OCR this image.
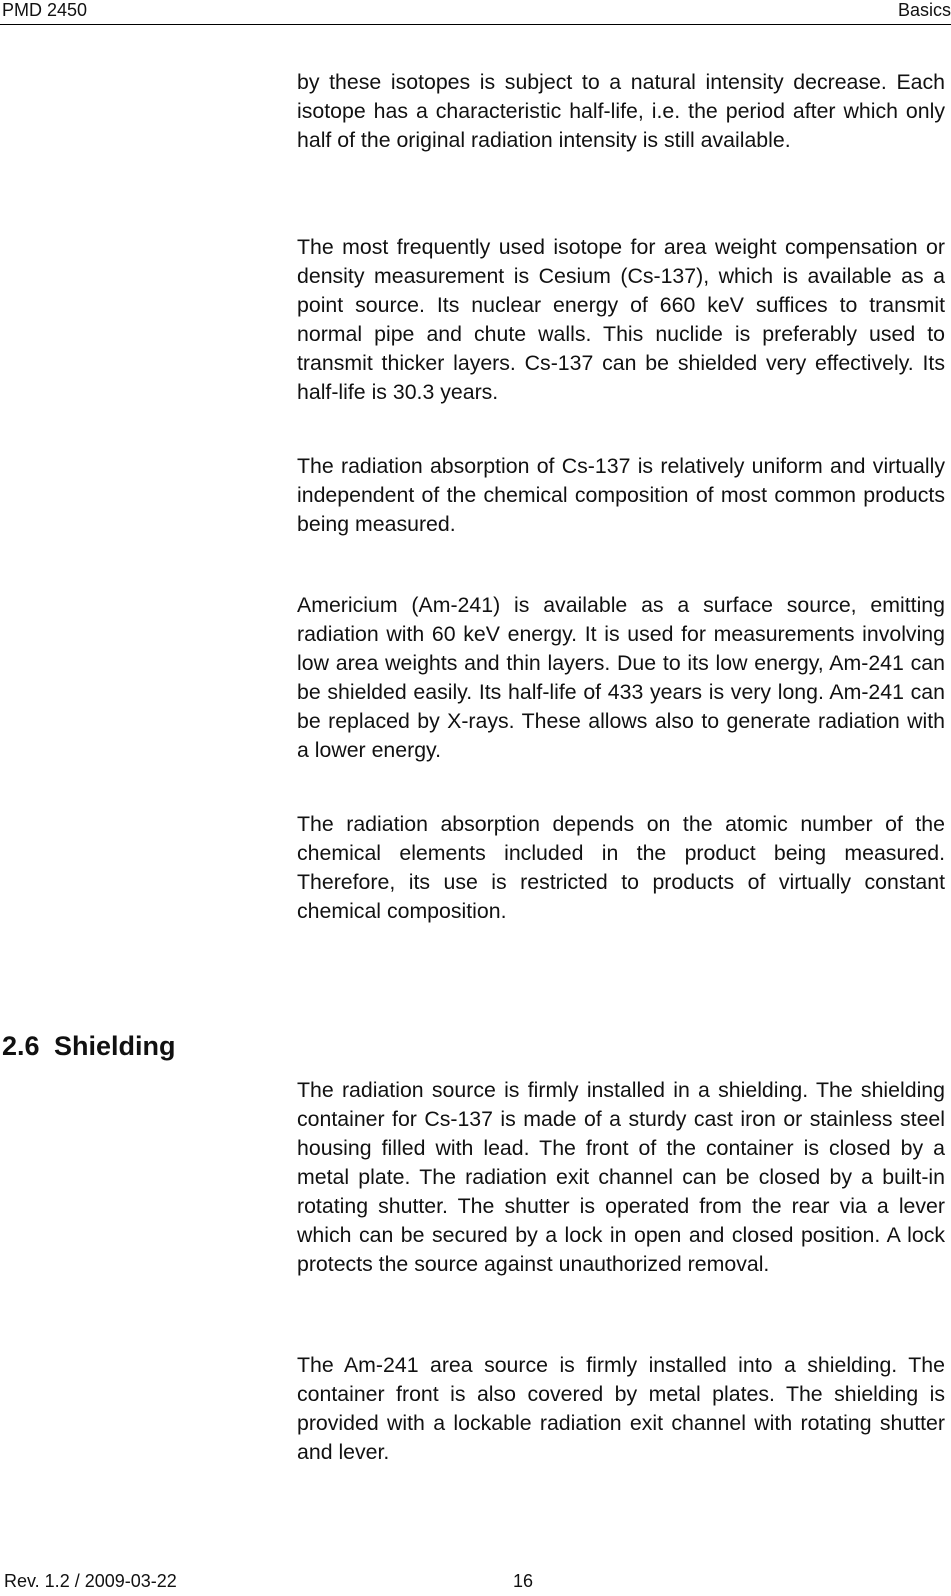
PMD 2450	Basics

by these isotopes is subject to a natural intensity decrease. Each isotope has a characteristic half-life, i.e. the period after which only half of the original radiation intensity is still available.

The most frequently used isotope for area weight compensation or density measurement is Cesium (Cs-137), which is available as a point source. Its nuclear energy of 660 keV suffices to transmit normal pipe and chute walls. This nuclide is preferably used to transmit thicker layers. Cs-137 can be shielded very effectively. Its half-life is 30.3 years.

The radiation absorption of Cs-137 is relatively uniform and virtually independent of the chemical composition of most common products being measured.

Americium (Am-241) is available as a surface source, emitting radiation with 60 keV energy. It is used for measurements involving low area weights and thin layers. Due to its low energy, Am-241 can be shielded easily. Its half-life of 433 years is very long. Am-241 can be replaced by X-rays. These allows also to generate radiation with a lower energy.

The radiation absorption depends on the atomic number of the chemical elements included in the product being measured. Therefore, its use is restricted to products of virtually constant chemical composition.

2.6 Shielding

The radiation source is firmly installed in a shielding. The shielding container for Cs-137 is made of a sturdy cast iron or stainless steel housing filled with lead. The front of the container is closed by a metal plate. The radiation exit channel can be closed by a built-in rotating shutter. The shutter is operated from the rear via a lever which can be secured by a lock in open and closed position. A lock protects the source against unauthorized removal.

The Am-241 area source is firmly installed into a shielding. The container front is also covered by metal plates. The shielding is provided with a lockable radiation exit channel with rotating shutter and lever.

Rev. 1.2 / 2009-03-22	16
